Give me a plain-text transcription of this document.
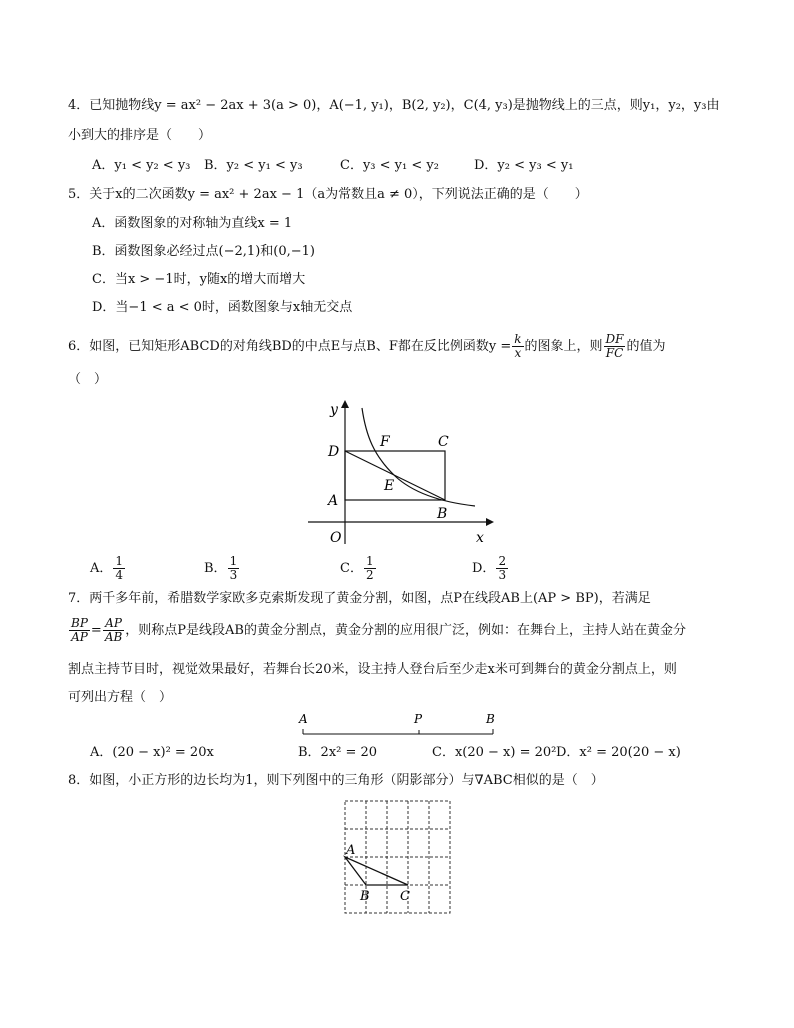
4．已知抛物线y = ax² − 2ax + 3(a > 0)，A(−1, y₁)，B(2, y₂)，C(4, y₃)是抛物线上的三点，则y₁，y₂，y₃由
小到大的排序是（　　）
A．y₁ < y₂ < y₃ B．y₂ < y₁ < y₃	C．y₃ < y₁ < y₂	D．y₂ < y₃ < y₁
5．关于x的二次函数y = ax² + 2ax − 1（a为常数且a ≠ 0），下列说法正确的是（　　）
A．函数图象的对称轴为直线x = 1
B．函数图象必经过点(−2,1)和(0,−1)
C．当x > −1时，y随x的增大而增大
D．当−1 < a < 0时，函数图象与x轴无交点
6．如图，已知矩形ABCD的对角线BD的中点E与点B、F都在反比例函数$y = \frac{k}{x}$ 的图象上，则 $\frac{DF}{FC}$ 的值为
（　）
y
x
O
D
A
F	C
E
B
A． $\frac{1}{4}$	B． $\frac{1}{3}$	C． $\frac{1}{2}$	D． $\frac{2}{3}$
7．两千多年前，希腊数学家欧多克索斯发现了黄金分割，如图，点P在线段AB上(AP > BP)，若满足
$\frac{BP}{AP} = \frac{AP}{AB}$ ，则称点P是线段AB的黄金分割点，黄金分割的应用很广泛，例如：在舞台上，主持人站在黄金分
割点主持节目时，视觉效果最好，若舞台长20米，设主持人登台后至少走x米可到舞台的黄金分割点上，则
可列出方程（　）
A	P	B
A．(20 − x)² = 20x	B．2x² = 20	C．x(20 − x) = 20² D．x² = 20(20 − x)
8．如图，小正方形的边长均为1，则下列图中的三角形（阴影部分）与∇ABC相似的是（　）
A
B C
